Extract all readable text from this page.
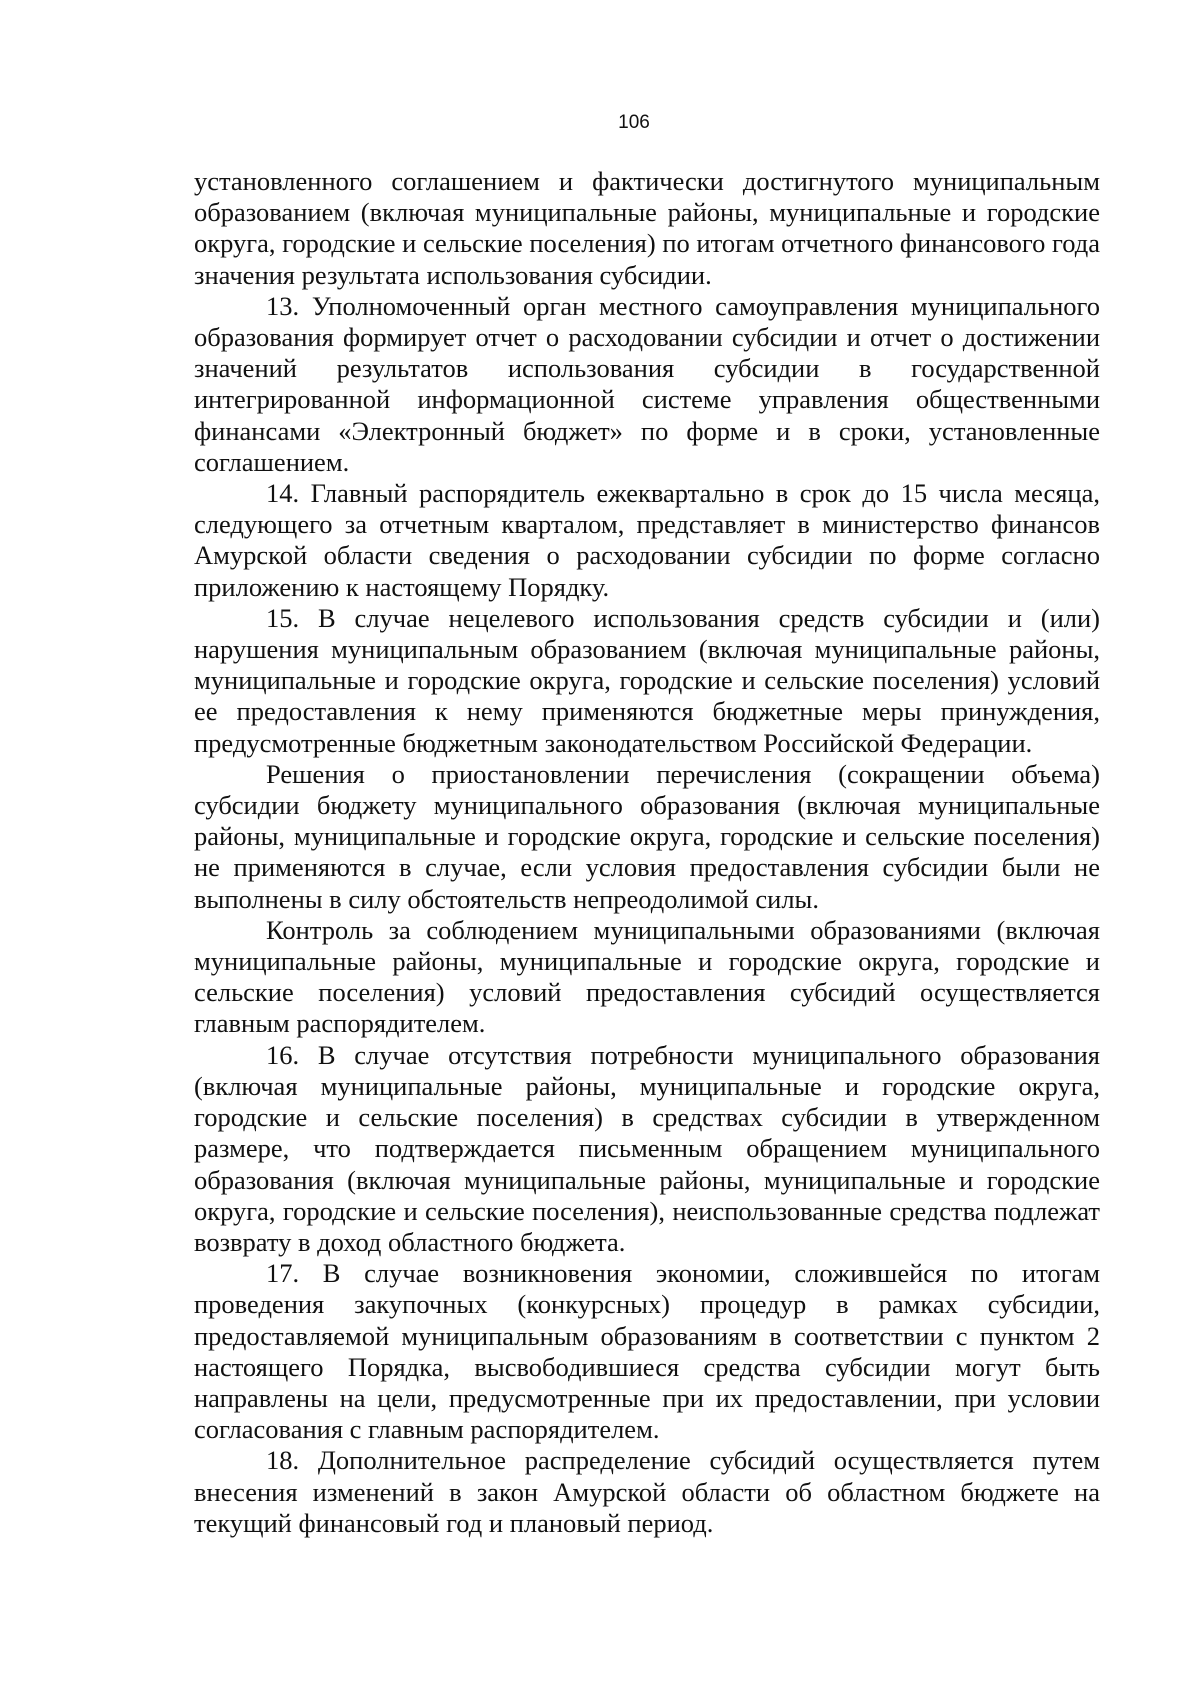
106

установленного соглашением и фактически достигнутого муниципальным образованием (включая муниципальные районы, муниципальные и городские округа, городские и сельские поселения) по итогам отчетного финансового года значения результата использования субсидии.

13. Уполномоченный орган местного самоуправления муниципального образования формирует отчет о расходовании субсидии и отчет о достижении значений результатов использования субсидии в государственной интегрированной информационной системе управления общественными финансами «Электронный бюджет» по форме и в сроки, установленные соглашением.

14. Главный распорядитель ежеквартально в срок до 15 числа месяца, следующего за отчетным кварталом, представляет в министерство финансов Амурской области сведения о расходовании субсидии по форме согласно приложению к настоящему Порядку.

15. В случае нецелевого использования средств субсидии и (или) нарушения муниципальным образованием (включая муниципальные районы, муниципальные и городские округа, городские и сельские поселения) условий ее предоставления к нему применяются бюджетные меры принуждения, предусмотренные бюджетным законодательством Российской Федерации.

Решения о приостановлении перечисления (сокращении объема) субсидии бюджету муниципального образования (включая муниципальные районы, муниципальные и городские округа, городские и сельские поселения) не применяются в случае, если условия предоставления субсидии были не выполнены в силу обстоятельств непреодолимой силы.

Контроль за соблюдением муниципальными образованиями (включая муниципальные районы, муниципальные и городские округа, городские и сельские поселения) условий предоставления субсидий осуществляется главным распорядителем.

16. В случае отсутствия потребности муниципального образования (включая муниципальные районы, муниципальные и городские округа, городские и сельские поселения) в средствах субсидии в утвержденном размере, что подтверждается письменным обращением муниципального образования (включая муниципальные районы, муниципальные и городские округа, городские и сельские поселения), неиспользованные средства подлежат возврату в доход областного бюджета.

17. В случае возникновения экономии, сложившейся по итогам проведения закупочных (конкурсных) процедур в рамках субсидии, предоставляемой муниципальным образованиям в соответствии с пунктом 2 настоящего Порядка, высвободившиеся средства субсидии могут быть направлены на цели, предусмотренные при их предоставлении, при условии согласования с главным распорядителем.

18. Дополнительное распределение субсидий осуществляется путем внесения изменений в закон Амурской области об областном бюджете на текущий финансовый год и плановый период.
